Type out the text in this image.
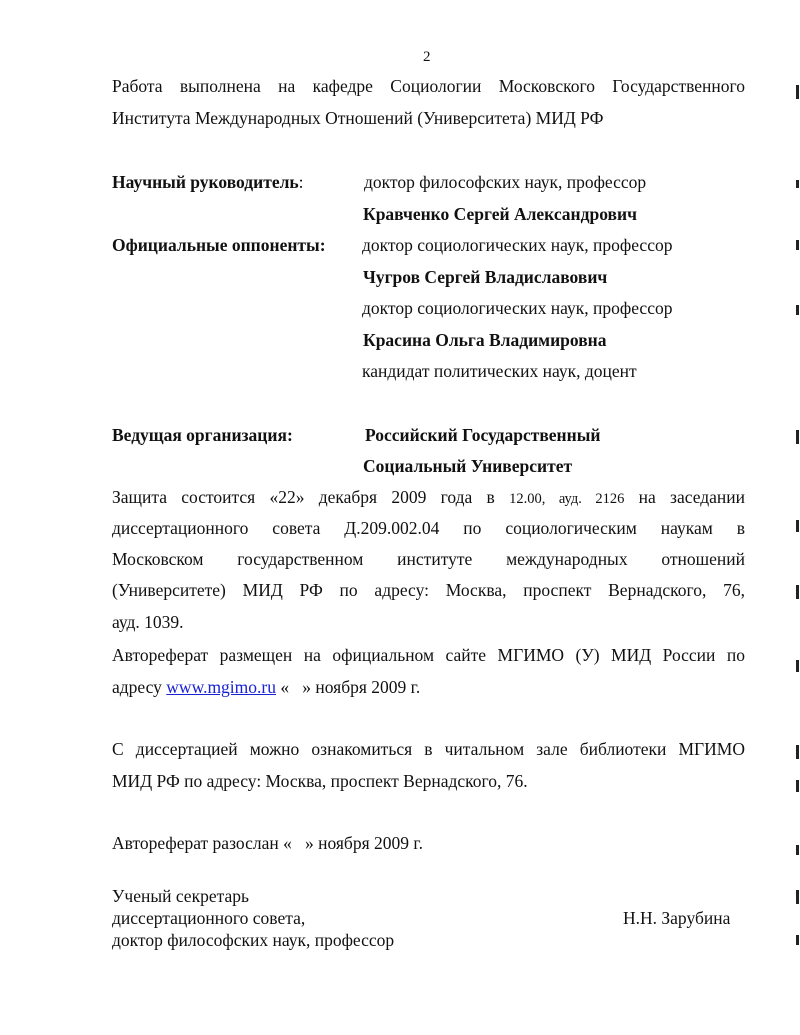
2
Работа выполнена на кафедре Социологии Московского Государственного
Института Международных Отношений (Университета) МИД РФ
Научный руководитель:	доктор философских наук, профессор
Кравченко Сергей Александрович
Официальные оппоненты: доктор социологических наук, профессор
Чугров Сергей Владиславович
доктор социологических наук, профессор
Красина Ольга Владимировна
кандидат политических наук, доцент
Ведущая организация:	Российский Государственный
Социальный Университет
Защита состоится «22» декабря 2009 года в 12.00, ауд. 2126 на заседании
диссертационного совета Д.209.002.04 по социологическим наукам в
Московском государственном институте международных отношений
(Университете) МИД РФ по адресу: Москва, проспект Вернадского, 76,
ауд. 1039.
Автореферат размещен на официальном сайте МГИМО (У) МИД России по
адресу www.mgimo.ru «   » ноября 2009 г.
С диссертацией можно ознакомиться в читальном зале библиотеки МГИМО
МИД РФ по адресу: Москва, проспект Вернадского, 76.
Автореферат разослан «   » ноября 2009 г.
Ученый секретарь
диссертационного совета,
доктор философских наук, профессор
Н.Н. Зарубина
